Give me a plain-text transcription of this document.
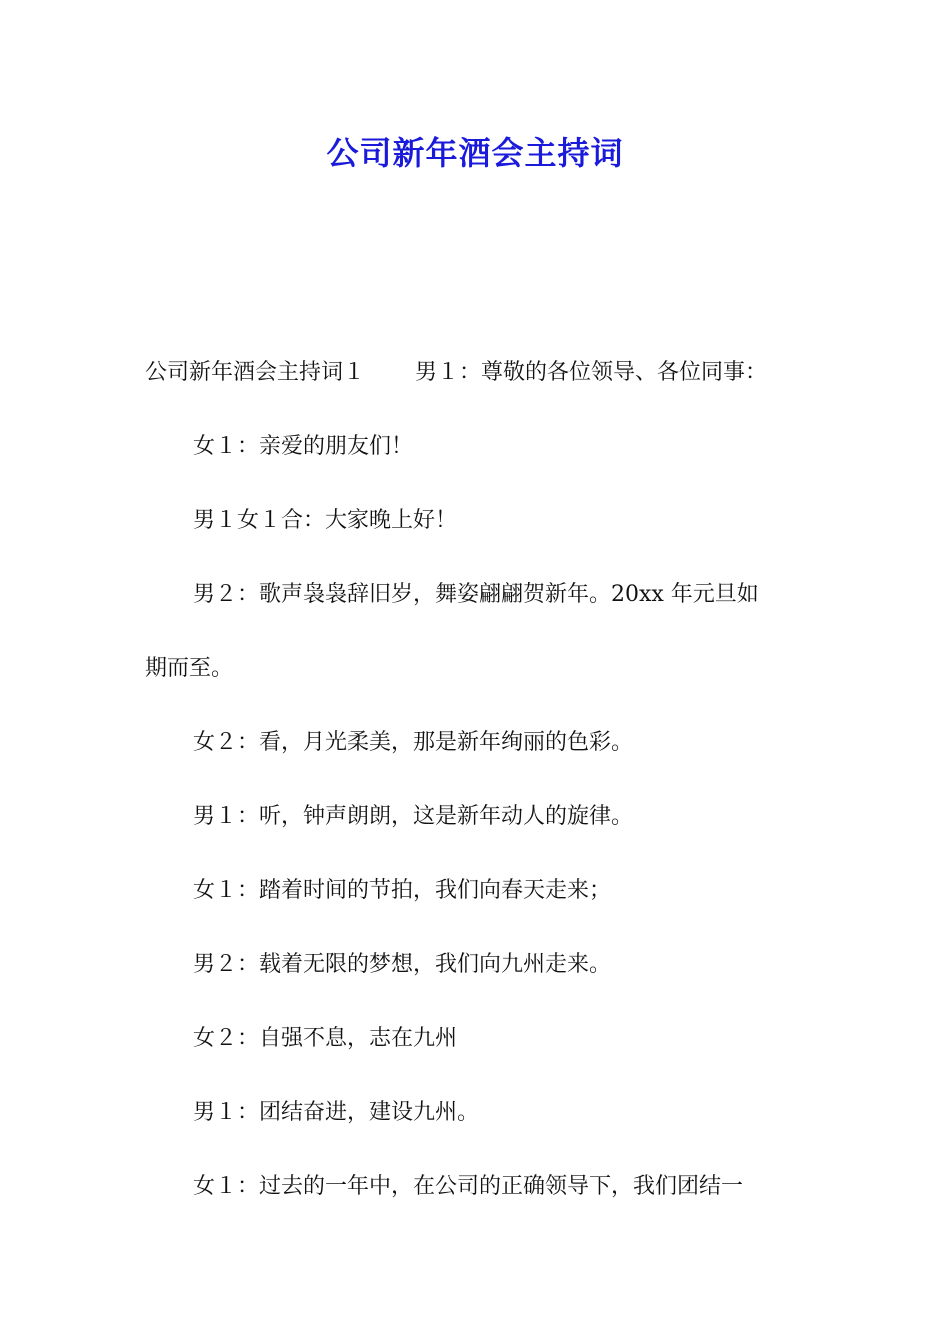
公司新年酒会主持词
公司新年酒会主持词１ 男１：尊敬的各位领导、各位同事：
女１：亲爱的朋友们！
男１女１合：大家晚上好！
男２：歌声袅袅辞旧岁，舞姿翩翩贺新年。20xx 年元旦如
期而至。
女２：看，月光柔美，那是新年绚丽的色彩。
男１：听，钟声朗朗，这是新年动人的旋律。
女１：踏着时间的节拍，我们向春天走来；
男２：载着无限的梦想，我们向九州走来。
女２：自强不息，志在九州
男１：团结奋进，建设九州。
女１：过去的一年中，在公司的正确领导下，我们团结一
